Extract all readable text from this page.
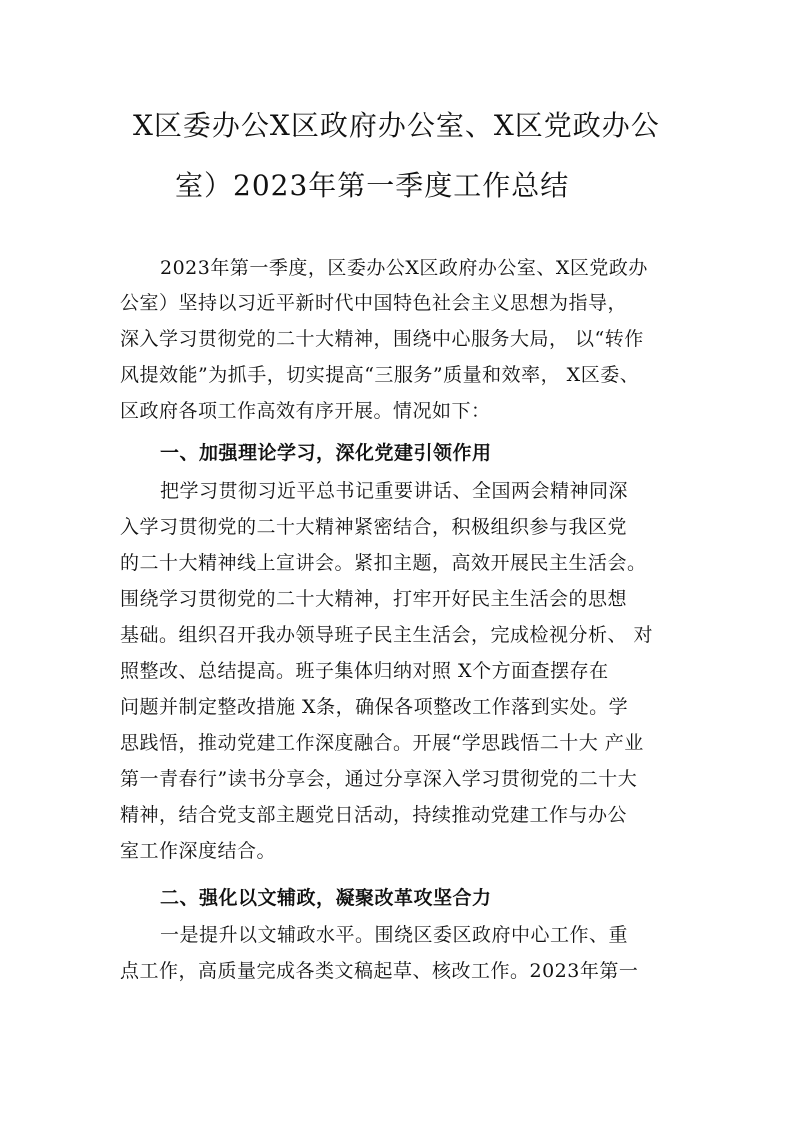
X区委办公X区政府办公室、X区党政办公
室）2023年第一季度工作总结
2023年第一季度，区委办公X区政府办公室、X区党政办
公室）坚持以习近平新时代中国特色社会主义思想为指导，
深入学习贯彻党的二十大精神，围绕中心服务大局， 以“转作
风提效能”为抓手，切实提高“三服务”质量和效率， X区委、
区政府各项工作高效有序开展。情况如下：
一、加强理论学习，深化党建引领作用
把学习贯彻习近平总书记重要讲话、全国两会精神同深
入学习贯彻党的二十大精神紧密结合，积极组织参与我区党
的二十大精神线上宣讲会。紧扣主题，高效开展民主生活会。
围绕学习贯彻党的二十大精神，打牢开好民主生活会的思想
基础。组织召开我办领导班子民主生活会，完成检视分析、 对
照整改、总结提高。班子集体归纳对照 X个方面查摆存在
问题并制定整改措施 X条，确保各项整改工作落到实处。学
思践悟，推动党建工作深度融合。开展“学思践悟二十大 产业
第一青春行”读书分享会，通过分享深入学习贯彻党的二十大
精神，结合党支部主题党日活动，持续推动党建工作与办公
室工作深度结合。
二、强化以文辅政，凝聚改革攻坚合力
一是提升以文辅政水平。围绕区委区政府中心工作、重
点工作，高质量完成各类文稿起草、核改工作。2023年第一
